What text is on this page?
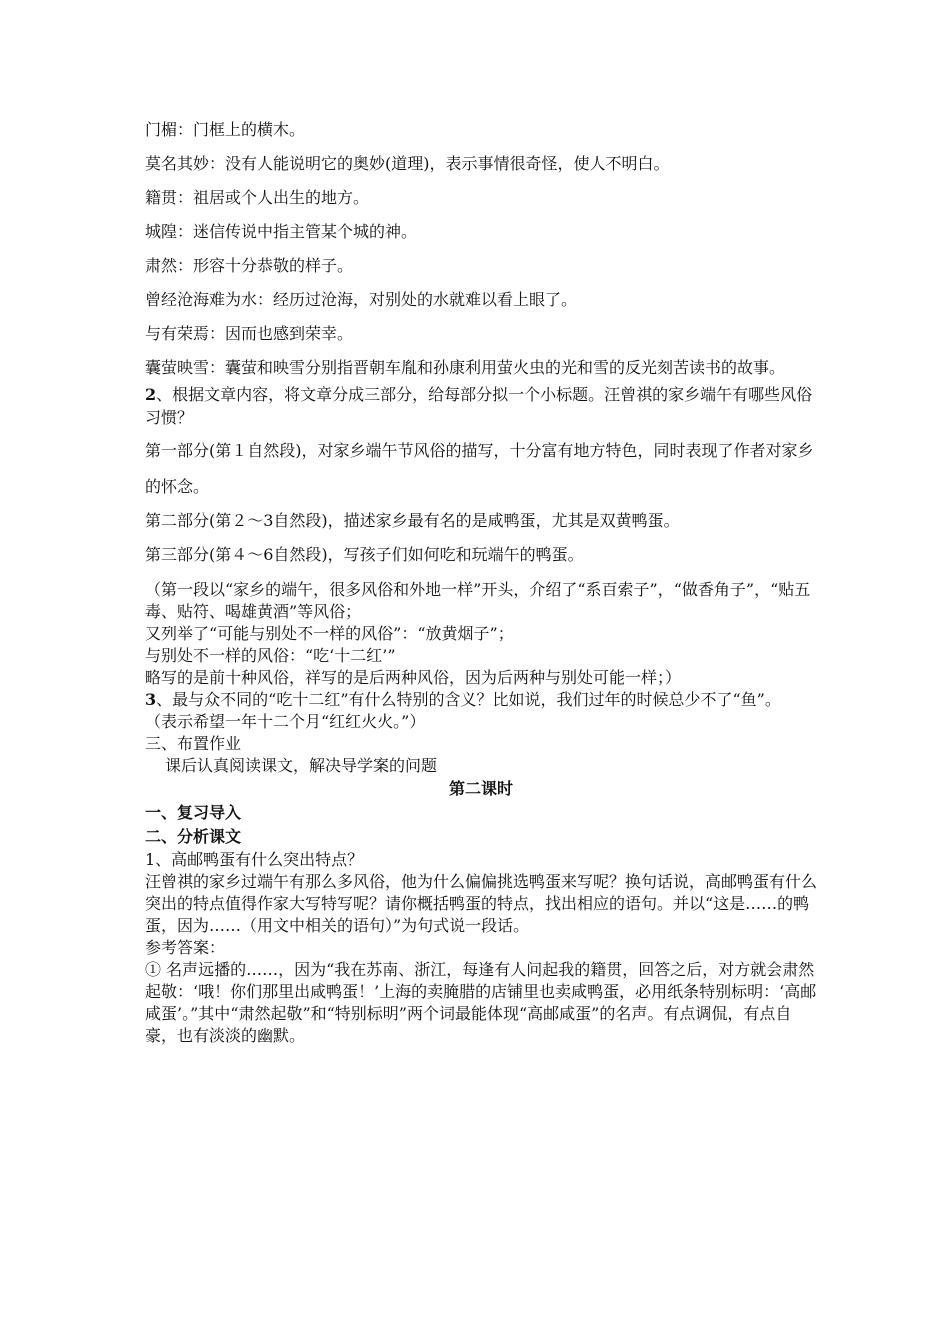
门楣：门框上的横木。
莫名其妙：没有人能说明它的奥妙(道理)，表示事情很奇怪，使人不明白。
籍贯：祖居或个人出生的地方。
城隍：迷信传说中指主管某个城的神。
肃然：形容十分恭敬的样子。
曾经沧海难为水：经历过沧海，对别处的水就难以看上眼了。
与有荣焉：因而也感到荣幸。
囊萤映雪：囊萤和映雪分别指晋朝车胤和孙康利用萤火虫的光和雪的反光刻苦读书的故事。
2、根据文章内容，将文章分成三部分，给每部分拟一个小标题。汪曾祺的家乡端午有哪些风俗习惯？
第一部分(第１自然段)，对家乡端午节风俗的描写，十分富有地方特色，同时表现了作者对家乡的怀念。
第二部分(第２～3自然段)，描述家乡最有名的是咸鸭蛋，尤其是双黄鸭蛋。
第三部分(第４～6自然段)，写孩子们如何吃和玩端午的鸭蛋。
（第一段以“家乡的端午，很多风俗和外地一样”开头，介绍了“系百索子”，“做香角子”，“贴五毒、贴符、喝雄黄酒”等风俗；
又列举了“可能与别处不一样的风俗”：“放黄烟子”；
与别处不一样的风俗：“吃‘十二红’”
略写的是前十种风俗，祥写的是后两种风俗，因为后两种与别处可能一样；）
3、最与众不同的“吃十二红”有什么特别的含义？比如说，我们过年的时候总少不了“鱼”。
（表示希望一年十二个月“红红火火。”）
三、布置作业
课后认真阅读课文，解决导学案的问题
第二课时
一、复习导入
二、分析课文
1、高邮鸭蛋有什么突出特点？
汪曾祺的家乡过端午有那么多风俗，他为什么偏偏挑选鸭蛋来写呢？换句话说，高邮鸭蛋有什么突出的特点值得作家大写特写呢？请你概括鸭蛋的特点，找出相应的语句。并以“这是……的鸭蛋，因为……（用文中相关的语句）”为句式说一段话。
参考答案：
① 名声远播的……，因为“我在苏南、浙江，每逢有人问起我的籍贯，回答之后，对方就会肃然起敬：‘哦！你们那里出咸鸭蛋！’上海的卖腌腊的店铺里也卖咸鸭蛋，必用纸条特别标明：‘高邮咸蛋’。”其中“肃然起敬”和“特别标明”两个词最能体现“高邮咸蛋”的名声。有点调侃，有点自豪，也有淡淡的幽默。
